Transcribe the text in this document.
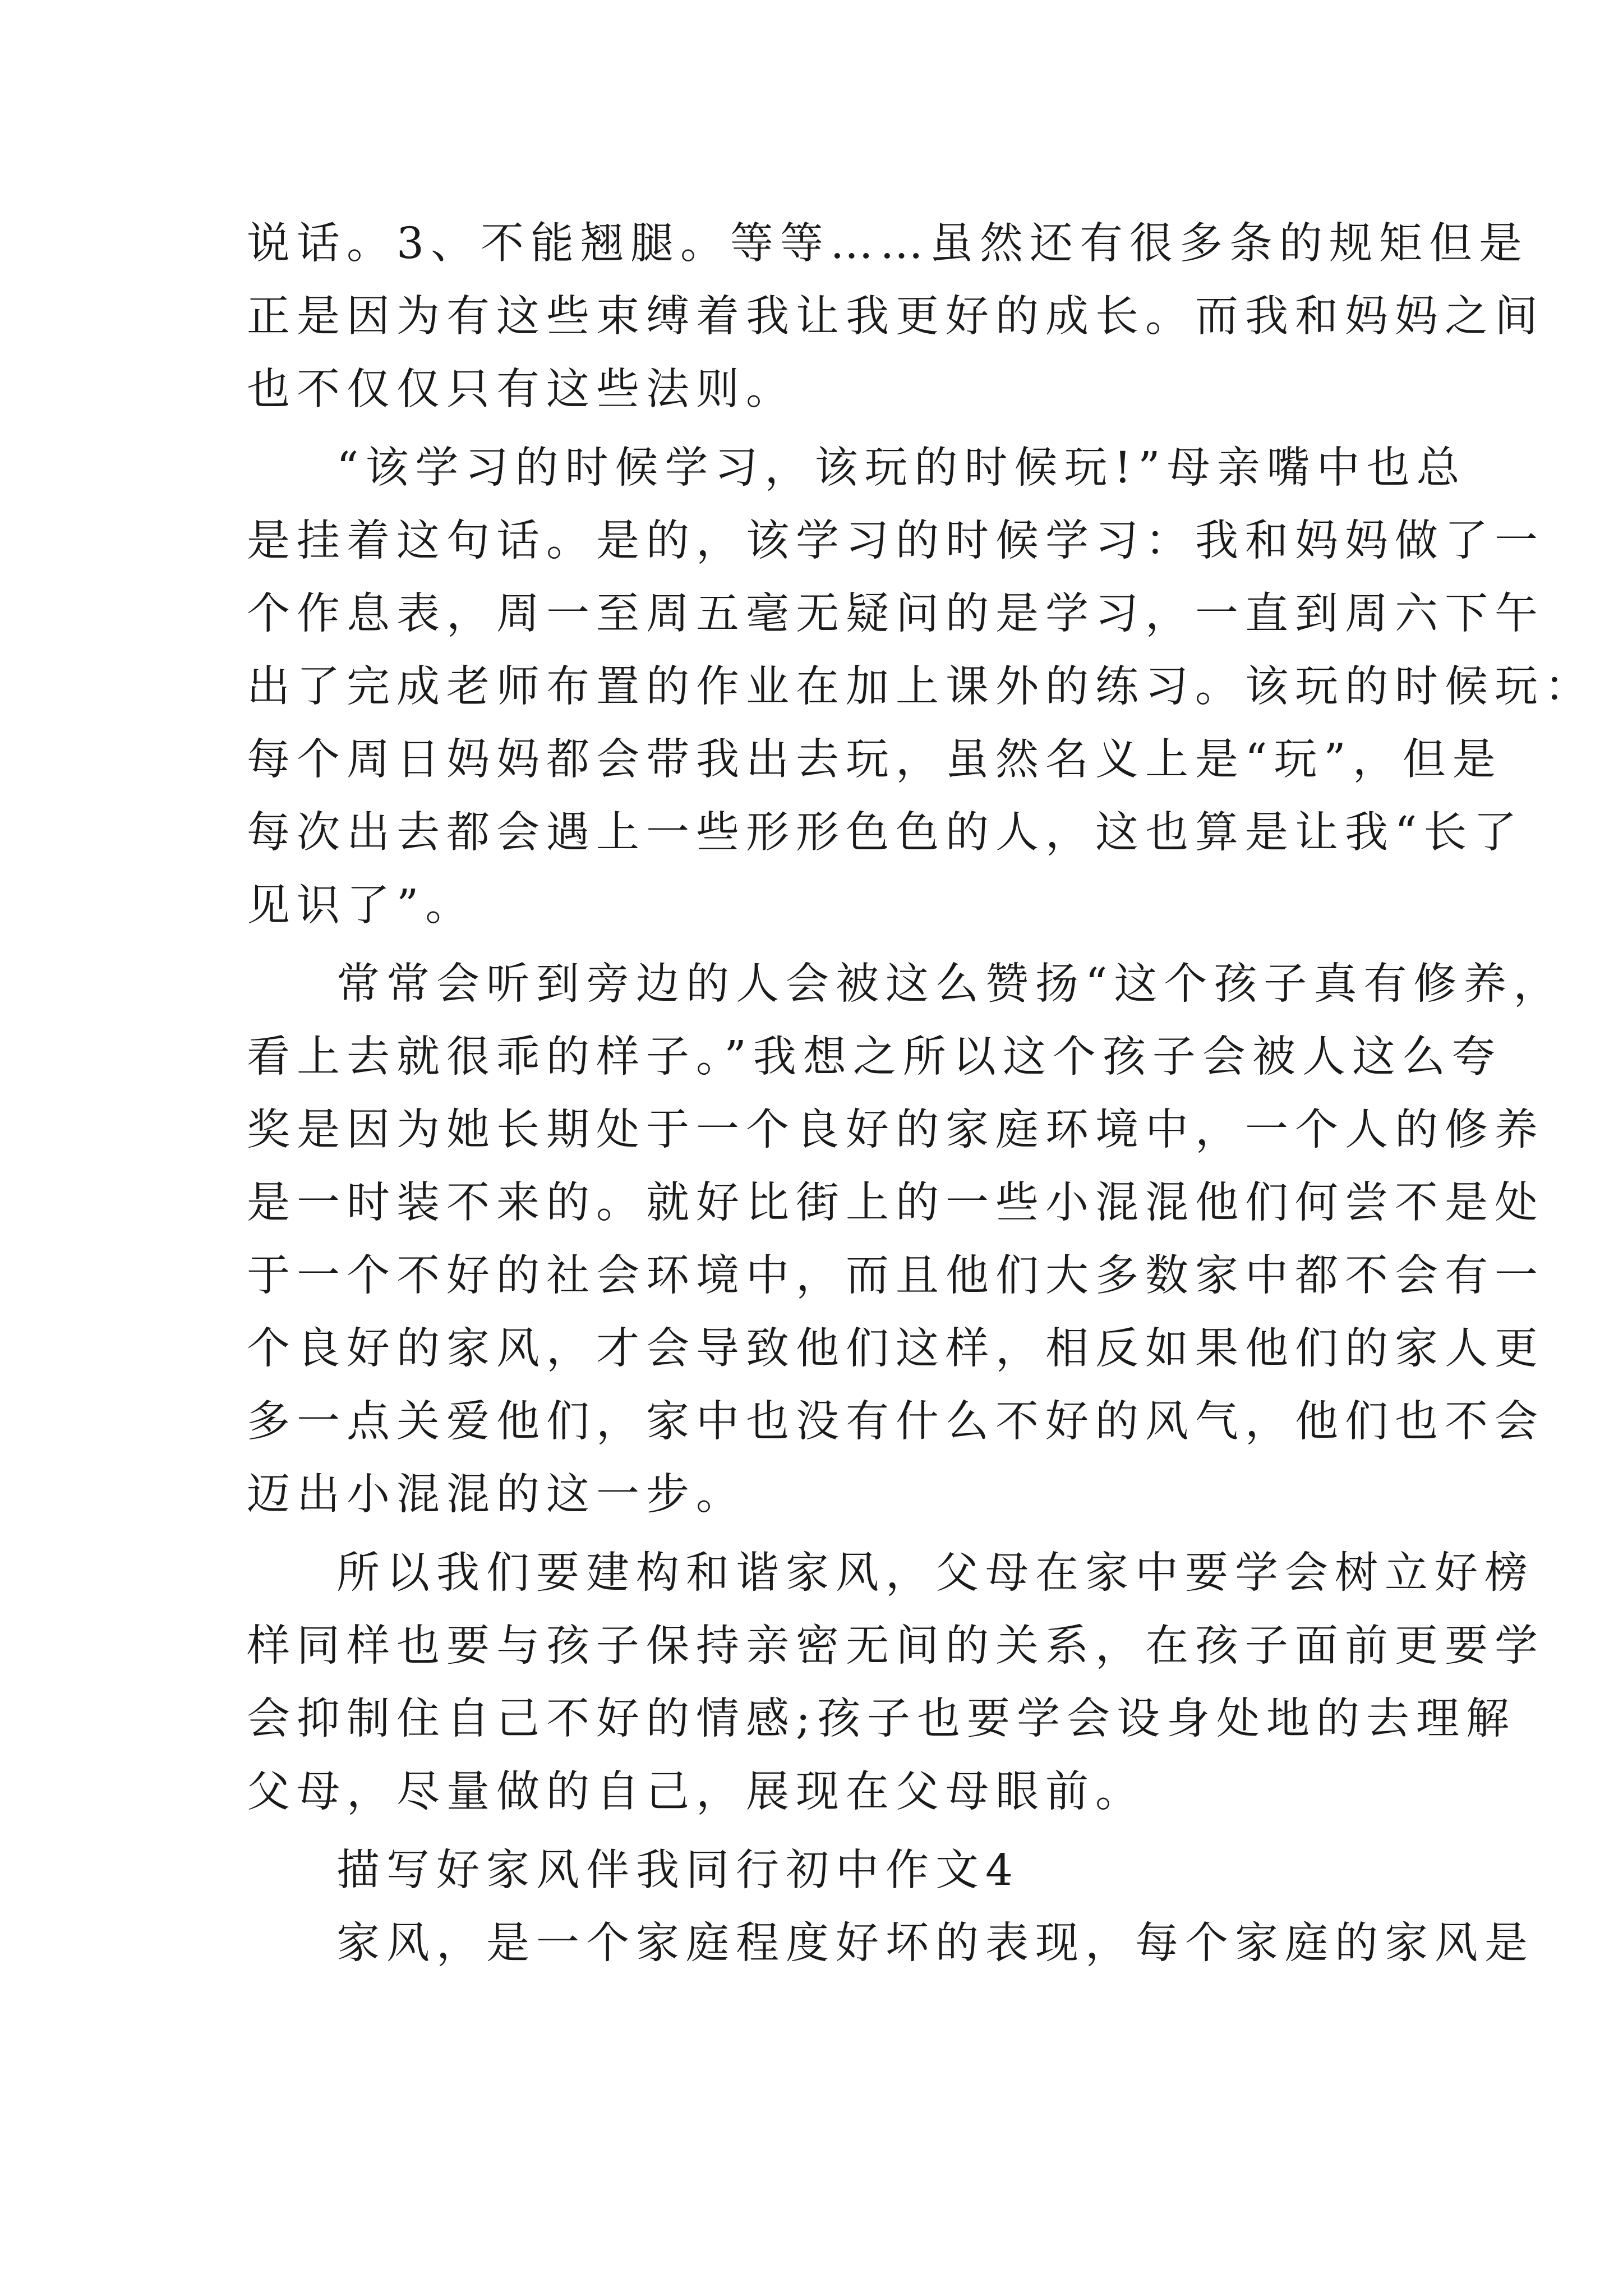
说话。3、不能翘腿。等等……虽然还有很多条的规矩但是
正是因为有这些束缚着我让我更好的成长。而我和妈妈之间
也不仅仅只有这些法则。
“该学习的时候学习，该玩的时候玩!”母亲嘴中也总
是挂着这句话。是的，该学习的时候学习：我和妈妈做了一
个作息表，周一至周五毫无疑问的是学习，一直到周六下午
出了完成老师布置的作业在加上课外的练习。该玩的时候玩：
每个周日妈妈都会带我出去玩，虽然名义上是“玩”，但是
每次出去都会遇上一些形形色色的人，这也算是让我“长了
见识了”。
常常会听到旁边的人会被这么赞扬“这个孩子真有修养，
看上去就很乖的样子。”我想之所以这个孩子会被人这么夸
奖是因为她长期处于一个良好的家庭环境中，一个人的修养
是一时装不来的。就好比街上的一些小混混他们何尝不是处
于一个不好的社会环境中，而且他们大多数家中都不会有一
个良好的家风，才会导致他们这样，相反如果他们的家人更
多一点关爱他们，家中也没有什么不好的风气，他们也不会
迈出小混混的这一步。
所以我们要建构和谐家风，父母在家中要学会树立好榜
样同样也要与孩子保持亲密无间的关系，在孩子面前更要学
会抑制住自己不好的情感;孩子也要学会设身处地的去理解
父母，尽量做的自己，展现在父母眼前。
描写好家风伴我同行初中作文4
家风，是一个家庭程度好坏的表现，每个家庭的家风是
